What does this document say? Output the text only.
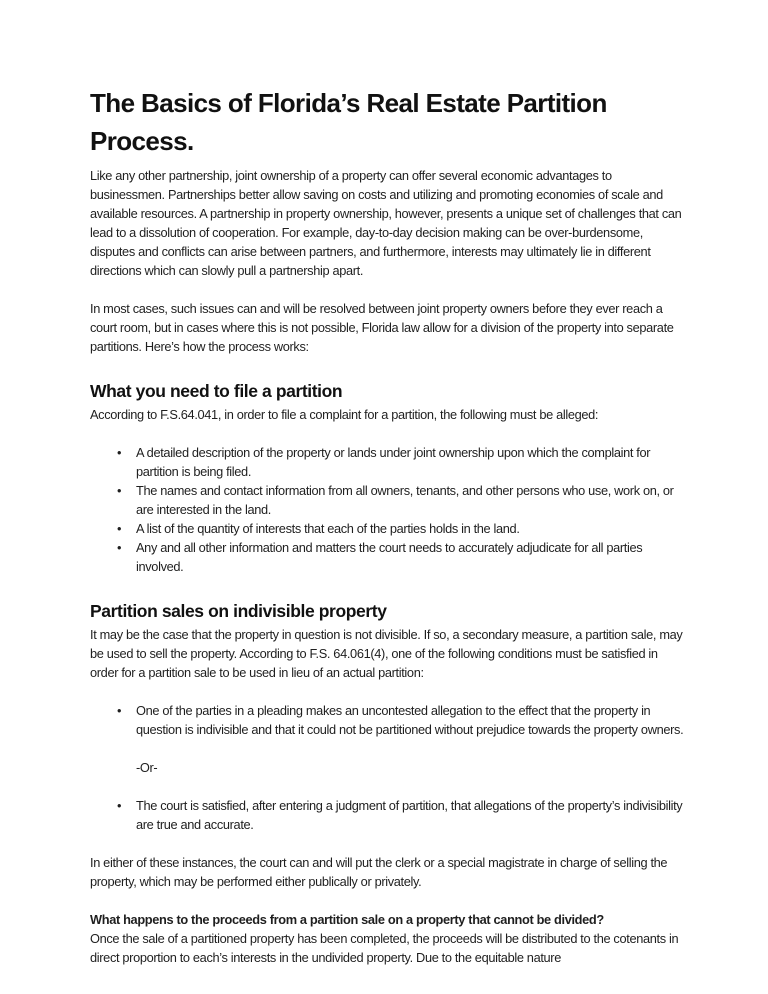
The Basics of Florida’s Real Estate Partition
Process.

Like any other partnership, joint ownership of a property can offer several economic advantages to businessmen. Partnerships better allow saving on costs and utilizing and promoting economies of scale and available resources. A partnership in property ownership, however, presents a unique set of challenges that can lead to a dissolution of cooperation. For example, day-to-day decision making can be over-burdensome, disputes and conflicts can arise between partners, and furthermore, interests may ultimately lie in different directions which can slowly pull a partnership apart.

In most cases, such issues can and will be resolved between joint property owners before they ever reach a court room, but in cases where this is not possible, Florida law allow for a division of the property into separate partitions. Here’s how the process works:

What you need to file a partition

According to F.S.64.041, in order to file a complaint for a partition, the following must be alleged:

• A detailed description of the property or lands under joint ownership upon which the complaint for partition is being filed.
• The names and contact information from all owners, tenants, and other persons who use, work on, or are interested in the land.
• A list of the quantity of interests that each of the parties holds in the land.
• Any and all other information and matters the court needs to accurately adjudicate for all parties involved.
Partition sales on indivisible property

It may be the case that the property in question is not divisible. If so, a secondary measure, a partition sale, may be used to sell the property. According to F.S. 64.061(4), one of the following conditions must be satisfied in order for a partition sale to be used in lieu of an actual partition:

• One of the parties in a pleading makes an uncontested allegation to the effect that the property in question is indivisible and that it could not be partitioned without prejudice towards the property owners.
-Or-
• The court is satisfied, after entering a judgment of partition, that allegations of the property’s indivisibility are true and accurate.

In either of these instances, the court can and will put the clerk or a special magistrate in charge of selling the property, which may be performed either publically or privately.

What happens to the proceeds from a partition sale on a property that cannot be divided?

Once the sale of a partitioned property has been completed, the proceeds will be distributed to the cotenants in direct proportion to each’s interests in the undivided property. Due to the equitable nature
